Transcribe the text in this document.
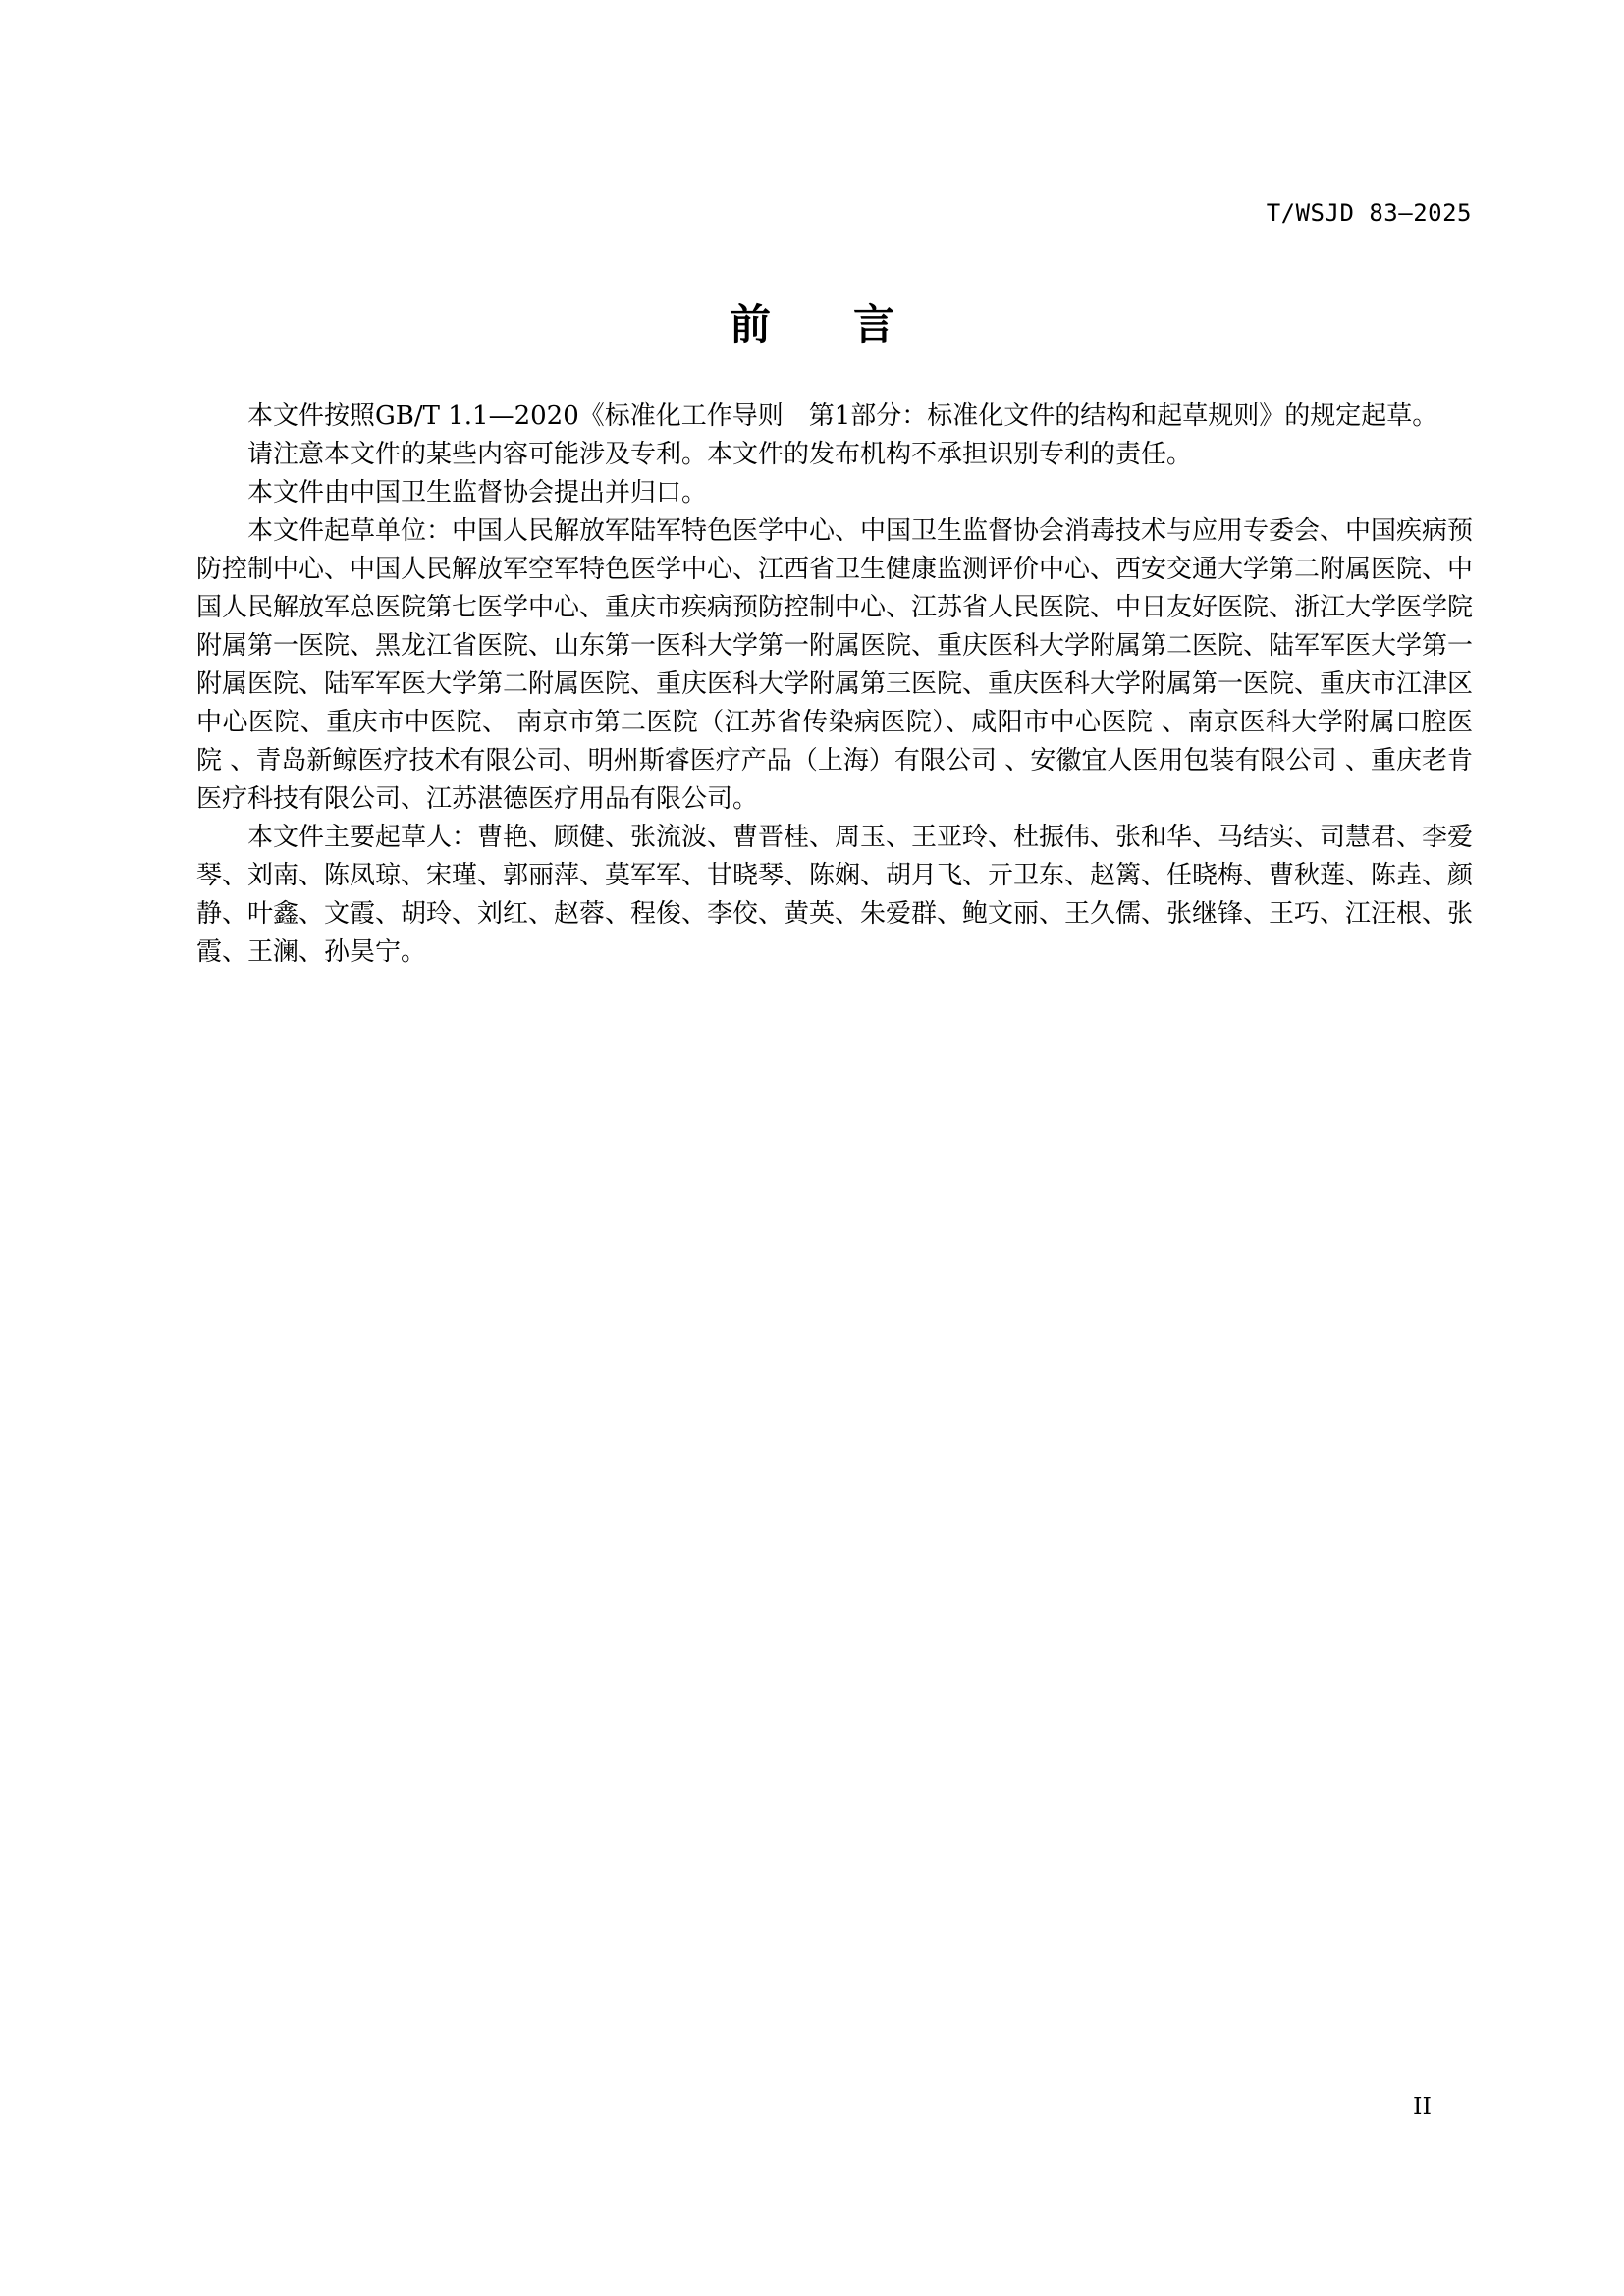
T/WSJD 83—2025
前　　言

本文件按照GB/T 1.1—2020《标准化工作导则　第1部分：标准化文件的结构和起草规则》的规定起草。

请注意本文件的某些内容可能涉及专利。本文件的发布机构不承担识别专利的责任。

本文件由中国卫生监督协会提出并归口。

本文件起草单位：中国人民解放军陆军特色医学中心、中国卫生监督协会消毒技术与应用专委会、中国疾病预防控制中心、中国人民解放军空军特色医学中心、江西省卫生健康监测评价中心、西安交通大学第二附属医院、中国人民解放军总医院第七医学中心、重庆市疾病预防控制中心、江苏省人民医院、中日友好医院、浙江大学医学院附属第一医院、黑龙江省医院、山东第一医科大学第一附属医院、重庆医科大学附属第二医院、陆军军医大学第一附属医院、陆军军医大学第二附属医院、重庆医科大学附属第三医院、重庆医科大学附属第一医院、重庆市江津区中心医院、重庆市中医院、 南京市第二医院（江苏省传染病医院）、咸阳市中心医院 、南京医科大学附属口腔医院 、青岛新鲸医疗技术有限公司、明州斯睿医疗产品（上海）有限公司 、安徽宜人医用包装有限公司 、重庆老肯医疗科技有限公司、江苏湛德医疗用品有限公司。

本文件主要起草人：曹艳、顾健、张流波、曹晋桂、周玉、王亚玲、杜振伟、张和华、马结实、司慧君、李爱琴、刘南、陈凤琼、宋瑾、郭丽萍、莫军军、甘晓琴、陈娴、胡月飞、亓卫东、赵篱、任晓梅、曹秋莲、陈垚、颜 静、叶鑫、文霞、胡玲、刘红、赵蓉、程俊、李佼、黄英、朱爱群、鲍文丽、王久儒、张继锋、王巧、江汪根、张霞、王澜、孙昊宁。

II
